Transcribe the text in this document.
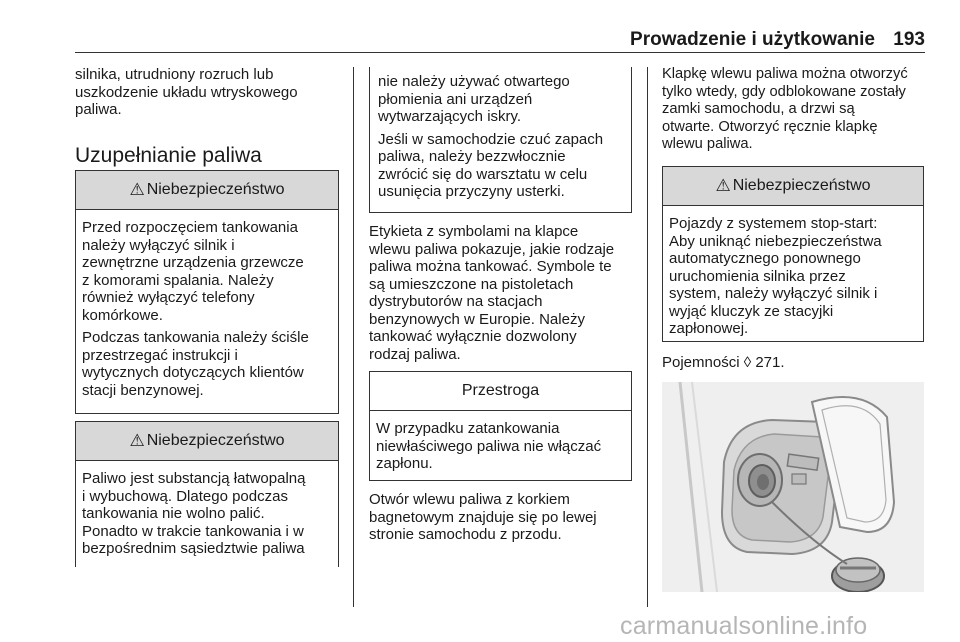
Prowadzenie i użytkowanie 193
silnika, utrudniony rozruch lub
uszkodzenie układu wtryskowego
paliwa.
Uzupełnianie paliwa
⚠ Niebezpieczeństwo

Przed rozpoczęciem tankowania
należy wyłączyć silnik i
zewnętrzne urządzenia grzewcze
z komorami spalania. Należy
również wyłączyć telefony
komórkowe.

Podczas tankowania należy ściśle
przestrzegać instrukcji i
wytycznych dotyczących klientów
stacji benzynowej.

⚠ Niebezpieczeństwo

Paliwo jest substancją łatwopalną
i wybuchową. Dlatego podczas
tankowania nie wolno palić.
Ponadto w trakcie tankowania i w
bezpośrednim sąsiedztwie paliwa

nie należy używać otwartego
płomienia ani urządzeń
wytwarzających iskry.

Jeśli w samochodzie czuć zapach
paliwa, należy bezzwłocznie
zwrócić się do warsztatu w celu
usunięcia przyczyny usterki.

Etykieta z symbolami na klapce
wlewu paliwa pokazuje, jakie rodzaje
paliwa można tankować. Symbole te
są umieszczone na pistoletach
dystrybutorów na stacjach
benzynowych w Europie. Należy
tankować wyłącznie dozwolony
rodzaj paliwa.
Przestroga

W przypadku zatankowania
niewłaściwego paliwa nie włączać
zapłonu.

Otwór wlewu paliwa z korkiem
bagnetowym znajduje się po lewej
stronie samochodu z przodu.
Klapkę wlewu paliwa można otworzyć
tylko wtedy, gdy odblokowane zostały
zamki samochodu, a drzwi są
otwarte. Otworzyć ręcznie klapkę
wlewu paliwa.
⚠ Niebezpieczeństwo

Pojazdy z systemem stop-start:
Aby uniknąć niebezpieczeństwa
automatycznego ponownego
uruchomienia silnika przez
system, należy wyłączyć silnik i
wyjąć kluczyk ze stacyjki
zapłonowej.

Pojemności ◊ 271.
carmanualsonline.info
